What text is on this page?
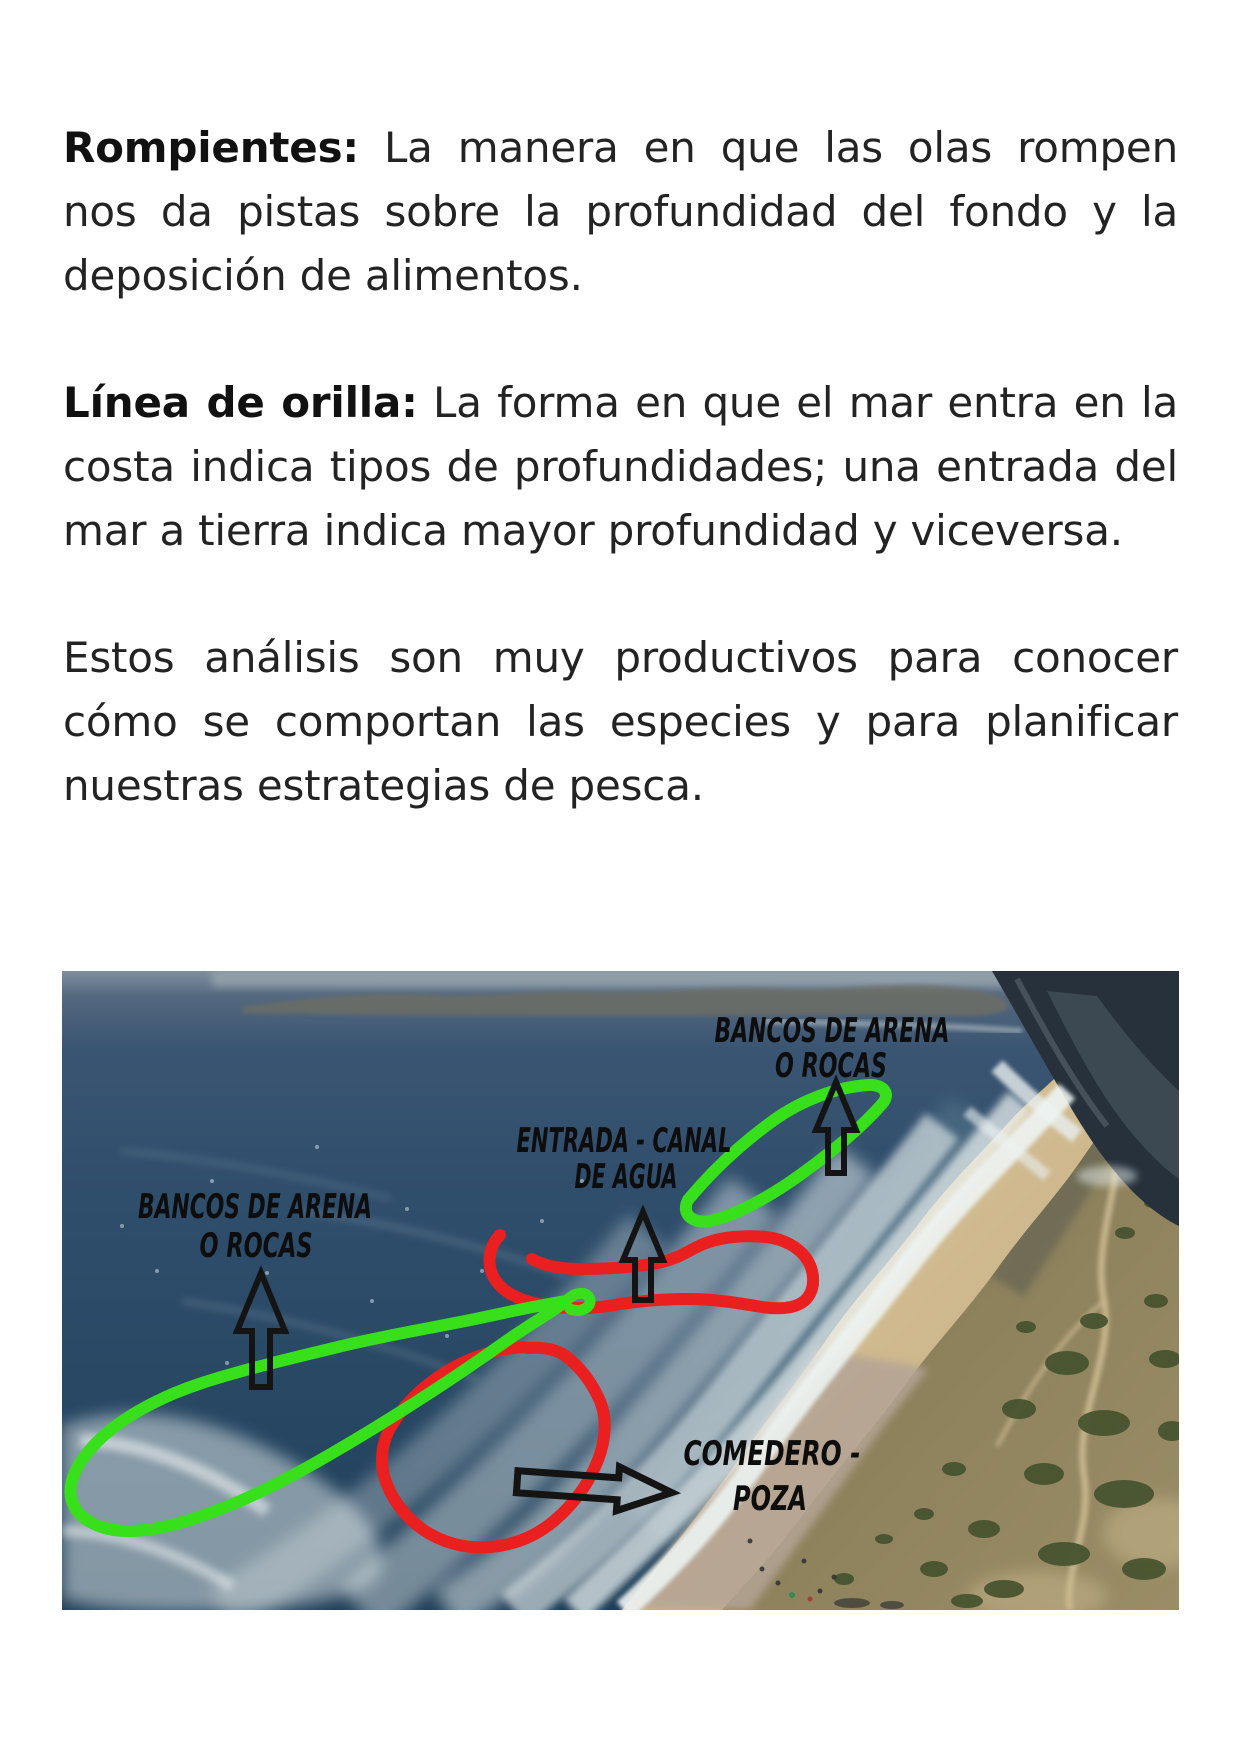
Rompientes: La manera en que las olas rompen nos da pistas sobre la profundidad del fondo y la deposición de alimentos.

Línea de orilla: La forma en que el mar entra en la costa indica tipos de profundidades; una entrada del mar a tierra indica mayor profundidad y viceversa.

Estos análisis son muy productivos para conocer cómo se comportan las especies y para planificar nuestras estrategias de pesca.

BANCOS DE ARENA
O ROCAS
ENTRADA - CANAL
DE AGUA
BANCOS DE ARENA
O ROCAS
COMEDERO -
POZA
